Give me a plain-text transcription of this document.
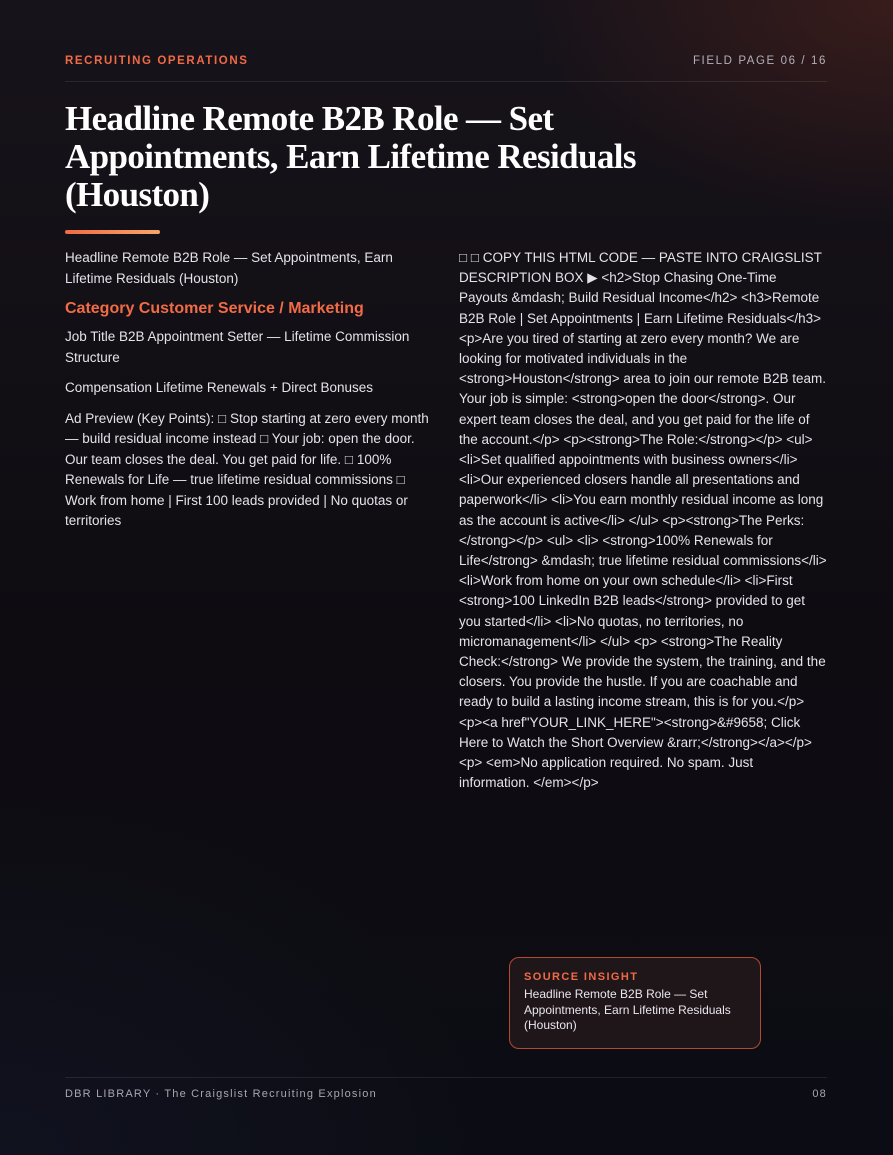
RECRUITING OPERATIONS	FIELD PAGE 06 / 16
Headline Remote B2B Role — Set Appointments, Earn Lifetime Residuals (Houston)

Headline Remote B2B Role — Set Appointments, Earn Lifetime Residuals (Houston)

Category Customer Service / Marketing

Job Title B2B Appointment Setter — Lifetime Commission Structure

Compensation Lifetime Renewals + Direct Bonuses

Ad Preview (Key Points): □ Stop starting at zero every month — build residual income instead □ Your job: open the door. Our team closes the deal. You get paid for life. □ 100% Renewals for Life — true lifetime residual commissions □ Work from home | First 100 leads provided | No quotas or territories

□ □ COPY THIS HTML CODE — PASTE INTO CRAIGSLIST DESCRIPTION BOX ▶ <h2>Stop Chasing One-Time Payouts &mdash; Build Residual Income</h2> <h3>Remote B2B Role | Set Appointments | Earn Lifetime Residuals</h3> <p>Are you tired of starting at zero every month? We are looking for motivated individuals in the <strong>Houston</strong> area to join our remote B2B team. Your job is simple: <strong>open the door</strong>. Our expert team closes the deal, and you get paid for the life of the account.</p> <p><strong>The Role:</strong></p> <ul> <li>Set qualified appointments with business owners</li> <li>Our experienced closers handle all presentations and paperwork</li> <li>You earn monthly residual income as long as the account is active</li> </ul> <p><strong>The Perks:</strong></p> <ul> <li> <strong>100% Renewals for Life</strong> &mdash; true lifetime residual commissions</li> <li>Work from home on your own schedule</li> <li>First <strong>100 LinkedIn B2B leads</strong> provided to get you started</li> <li>No quotas, no territories, no micromanagement</li> </ul> <p> <strong>The Reality Check:</strong> We provide the system, the training, and the closers. You provide the hustle. If you are coachable and ready to build a lasting income stream, this is for you.</p> <p><a href"YOUR_LINK_HERE"><strong>&#9658; Click Here to Watch the Short Overview &rarr;</strong></a></p> <p> <em>No application required. No spam. Just information. </em></p>

SOURCE INSIGHT
Headline Remote B2B Role — Set Appointments, Earn Lifetime Residuals (Houston)
DBR LIBRARY · The Craigslist Recruiting Explosion	08
